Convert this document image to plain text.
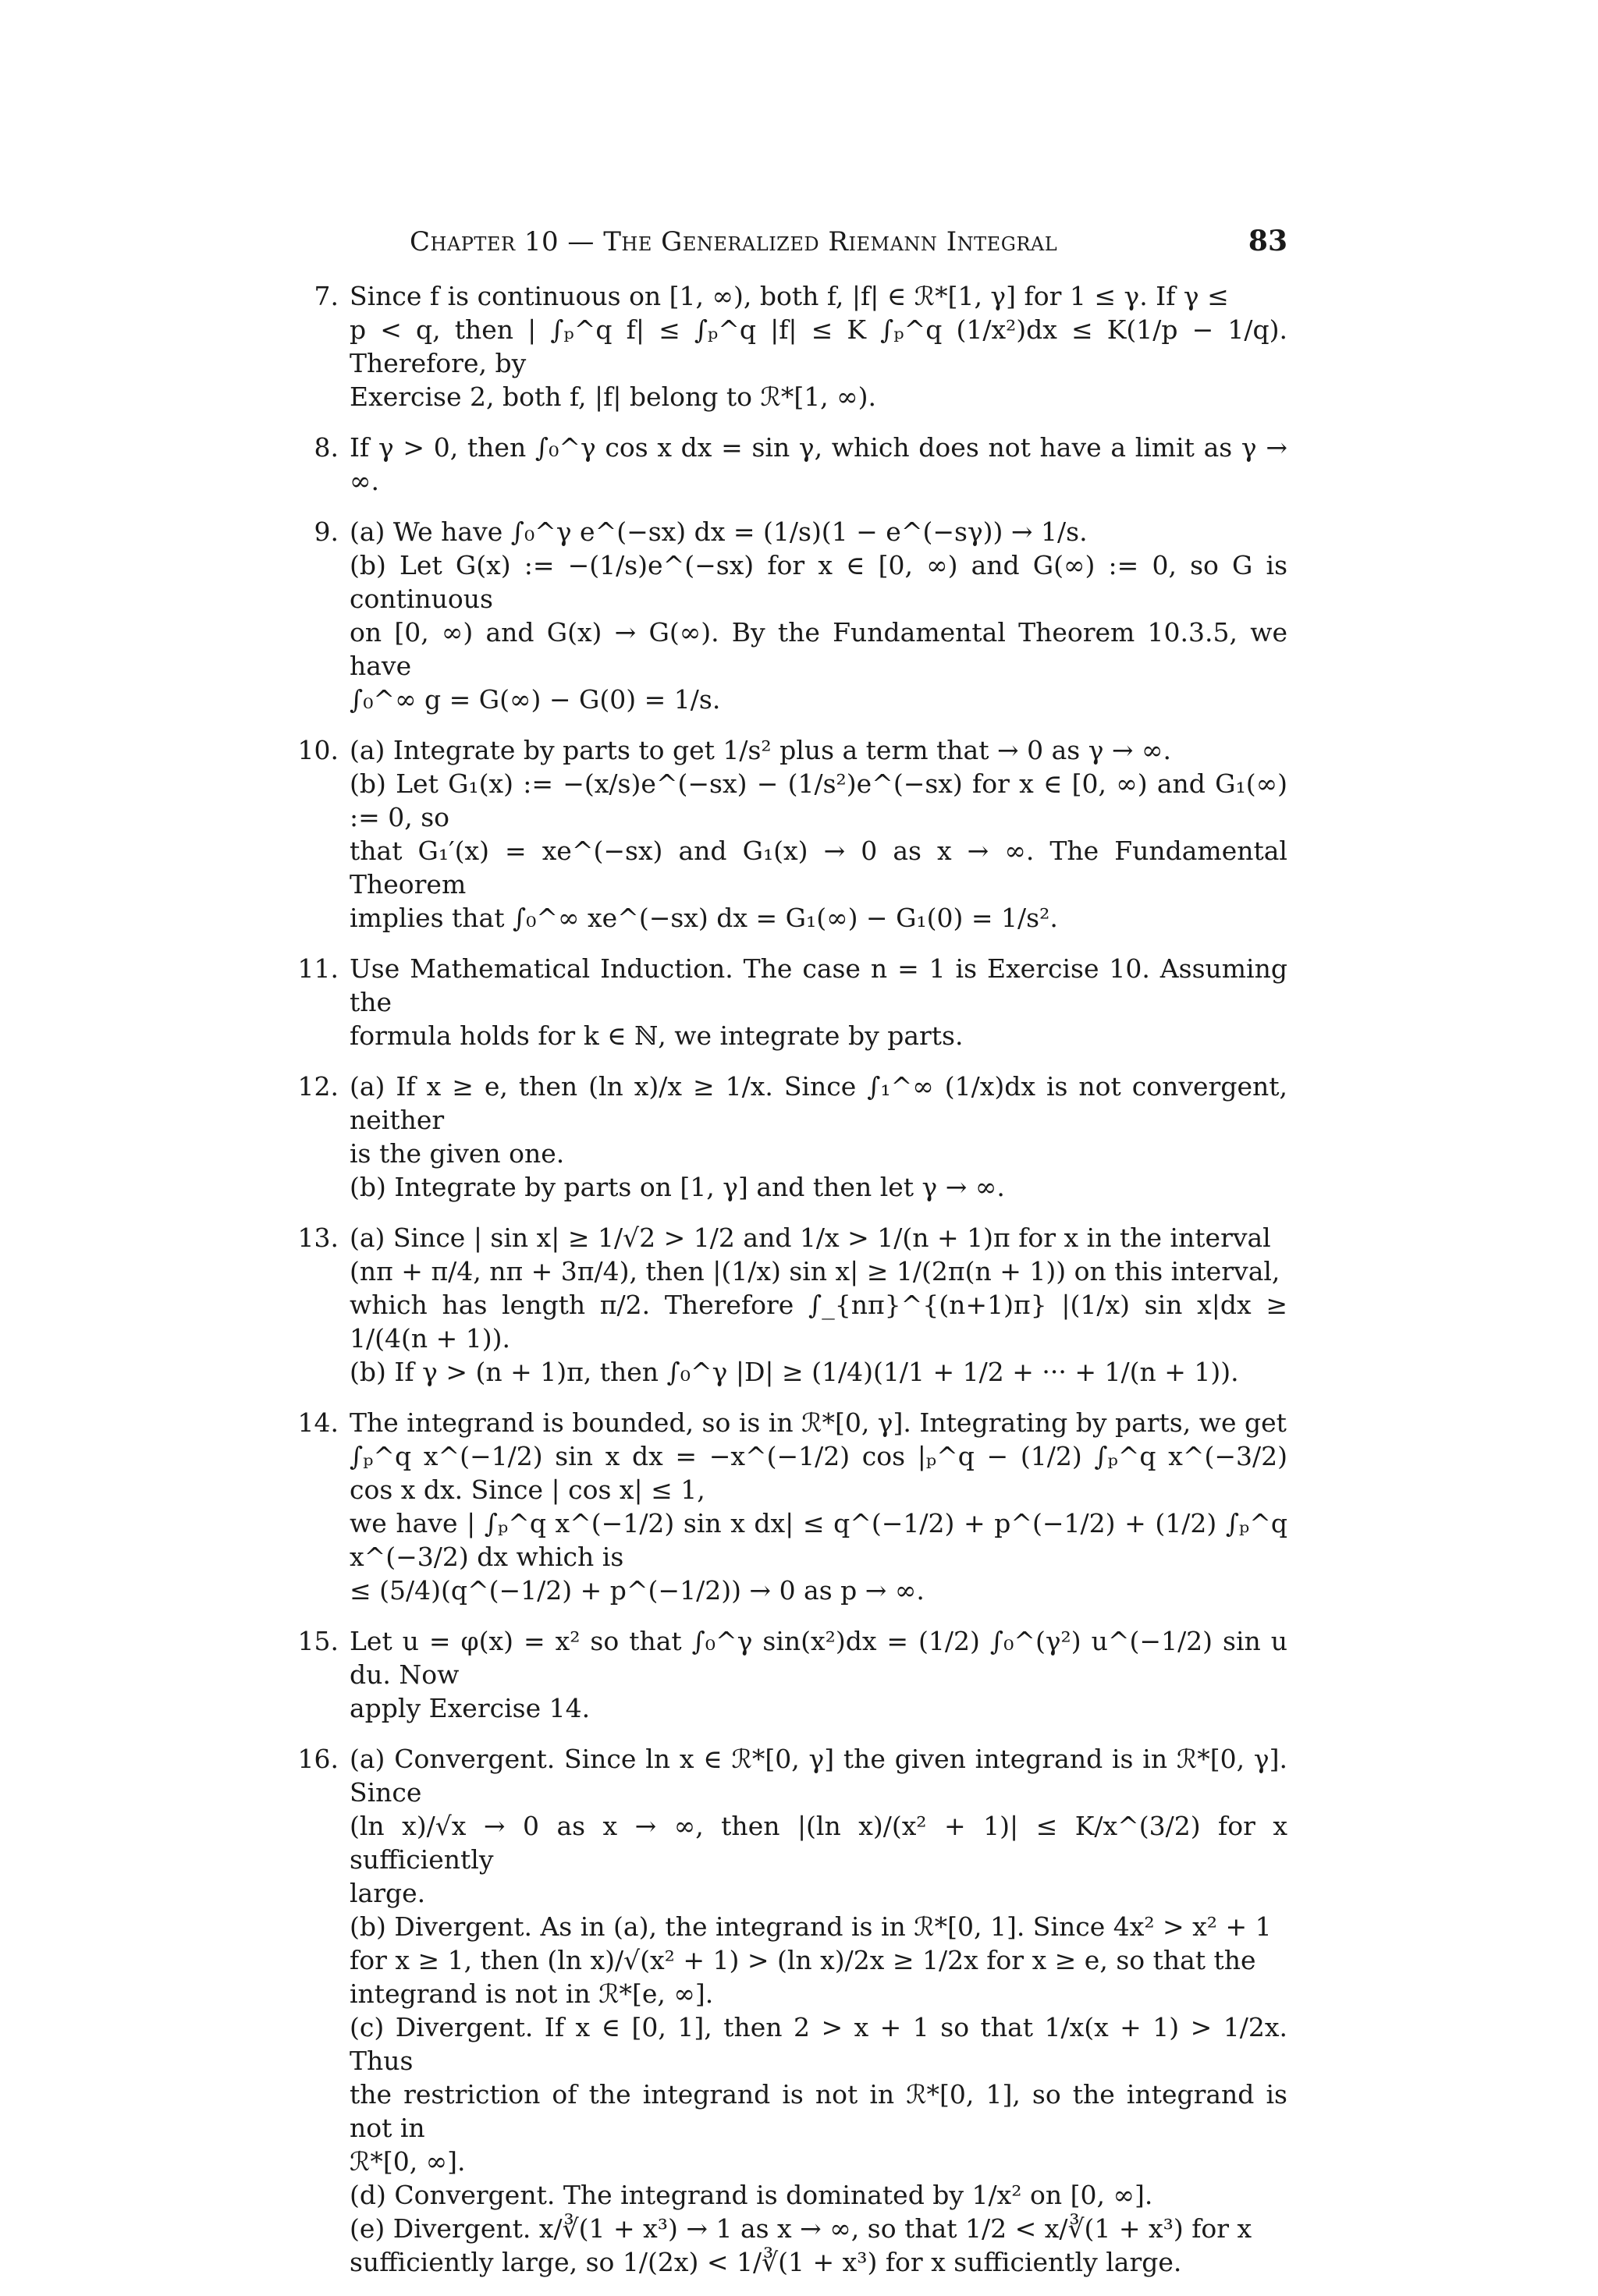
Chapter 10 — The Generalized Riemann Integral	83
7. Since f is continuous on [1, ∞), both f, |f| ∈ ℛ*[1, γ] for 1 ≤ γ. If γ ≤
p < q, then | ∫ₚ^q f| ≤ ∫ₚ^q |f| ≤ K ∫ₚ^q (1/x²)dx ≤ K(1/p − 1/q). Therefore, by
Exercise 2, both f, |f| belong to ℛ*[1, ∞).
8. If γ > 0, then ∫₀^γ cos x dx = sin γ, which does not have a limit as γ → ∞.
9. (a) We have ∫₀^γ e^(−sx) dx = (1/s)(1 − e^(−sγ)) → 1/s.
(b) Let G(x) := −(1/s)e^(−sx) for x ∈ [0, ∞) and G(∞) := 0, so G is continuous
on [0, ∞) and G(x) → G(∞). By the Fundamental Theorem 10.3.5, we have
∫₀^∞ g = G(∞) − G(0) = 1/s.
10. (a) Integrate by parts to get 1/s² plus a term that → 0 as γ → ∞.
(b) Let G₁(x) := −(x/s)e^(−sx) − (1/s²)e^(−sx) for x ∈ [0, ∞) and G₁(∞) := 0, so
that G₁′(x) = xe^(−sx) and G₁(x) → 0 as x → ∞. The Fundamental Theorem
implies that ∫₀^∞ xe^(−sx) dx = G₁(∞) − G₁(0) = 1/s².
11. Use Mathematical Induction. The case n = 1 is Exercise 10. Assuming the
formula holds for k ∈ ℕ, we integrate by parts.
12. (a) If x ≥ e, then (ln x)/x ≥ 1/x. Since ∫₁^∞ (1/x)dx is not convergent, neither
is the given one.
(b) Integrate by parts on [1, γ] and then let γ → ∞.
13. (a) Since | sin x| ≥ 1/√2 > 1/2 and 1/x > 1/(n + 1)π for x in the interval
(nπ + π/4, nπ + 3π/4), then |(1/x) sin x| ≥ 1/(2π(n + 1)) on this interval,
which has length π/2. Therefore ∫_{nπ}^{(n+1)π} |(1/x) sin x|dx ≥ 1/(4(n + 1)).
(b) If γ > (n + 1)π, then ∫₀^γ |D| ≥ (1/4)(1/1 + 1/2 + ··· + 1/(n + 1)).
14. The integrand is bounded, so is in ℛ*[0, γ]. Integrating by parts, we get
∫ₚ^q x^(−1/2) sin x dx = −x^(−1/2) cos |ₚ^q − (1/2) ∫ₚ^q x^(−3/2) cos x dx. Since | cos x| ≤ 1,
we have | ∫ₚ^q x^(−1/2) sin x dx| ≤ q^(−1/2) + p^(−1/2) + (1/2) ∫ₚ^q x^(−3/2) dx which is
≤ (5/4)(q^(−1/2) + p^(−1/2)) → 0 as p → ∞.
15. Let u = φ(x) = x² so that ∫₀^γ sin(x²)dx = (1/2) ∫₀^(γ²) u^(−1/2) sin u du. Now
apply Exercise 14.
16. (a) Convergent. Since ln x ∈ ℛ*[0, γ] the given integrand is in ℛ*[0, γ]. Since
(ln x)/√x → 0 as x → ∞, then |(ln x)/(x² + 1)| ≤ K/x^(3/2) for x sufficiently
large.
(b) Divergent. As in (a), the integrand is in ℛ*[0, 1]. Since 4x² > x² + 1
for x ≥ 1, then (ln x)/√(x² + 1) > (ln x)/2x ≥ 1/2x for x ≥ e, so that the
integrand is not in ℛ*[e, ∞].
(c) Divergent. If x ∈ [0, 1], then 2 > x + 1 so that 1/x(x + 1) > 1/2x. Thus
the restriction of the integrand is not in ℛ*[0, 1], so the integrand is not in
ℛ*[0, ∞].
(d) Convergent. The integrand is dominated by 1/x² on [0, ∞].
(e) Divergent. x/∛(1 + x³) → 1 as x → ∞, so that 1/2 < x/∛(1 + x³) for x
sufficiently large, so 1/(2x) < 1/∛(1 + x³) for x sufficiently large.
